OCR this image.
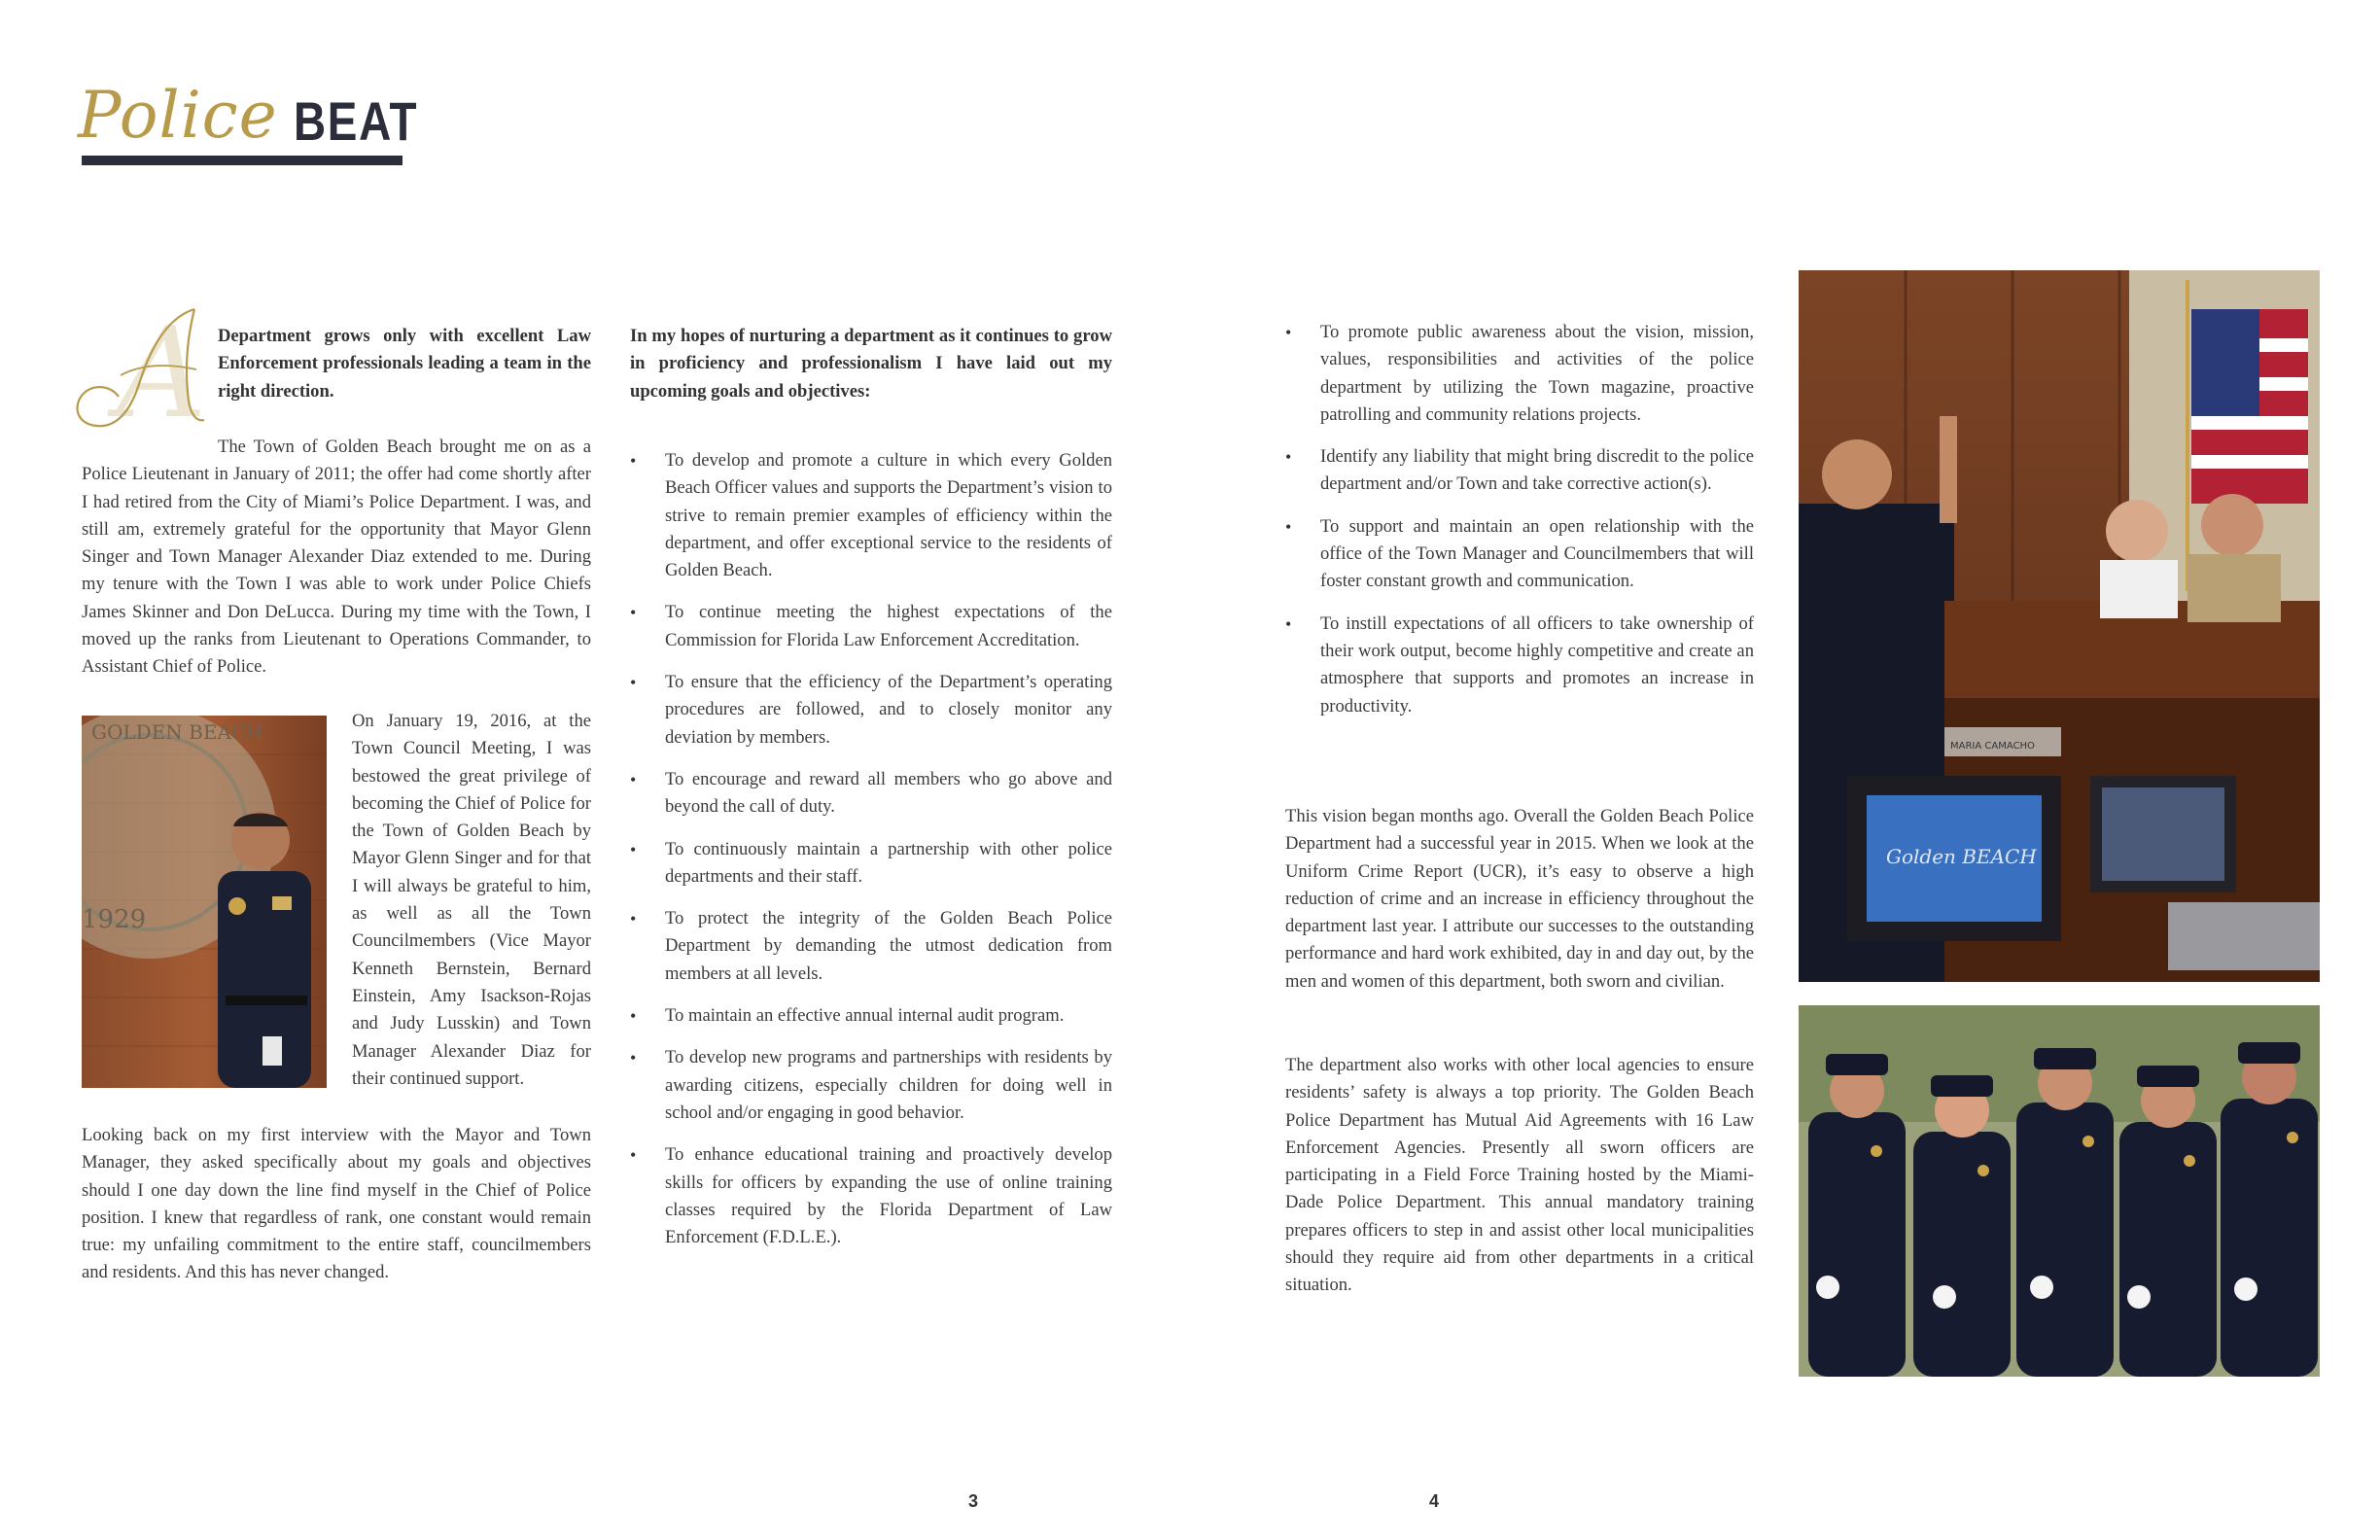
Police BEAT
A Department grows only with excellent Law Enforcement professionals leading a team in the right direction.

The Town of Golden Beach brought me on as a Police Lieutenant in January of 2011; the offer had come shortly after I had retired from the City of Miami’s Police Department. I was, and still am, extremely grateful for the opportunity that Mayor Glenn Singer and Town Manager Alexander Diaz extended to me. During my tenure with the Town I was able to work under Police Chiefs James Skinner and Don DeLucca. During my time with the Town, I moved up the ranks from Lieutenant to Operations Commander, to Assistant Chief of Police.

GOLDEN BEACH
1929

On January 19, 2016, at the Town Council Meeting, I was bestowed the great privilege of becoming the Chief of Police for the Town of Golden Beach by Mayor Glenn Singer and for that I will always be grateful to him, as well as all the Town Councilmembers (Vice Mayor Kenneth Bernstein, Bernard Einstein, Amy Isackson-Rojas and Judy Lusskin) and Town Manager Alexander Diaz for their continued support.

Looking back on my first interview with the Mayor and Town Manager, they asked specifically about my goals and objectives should I one day down the line find myself in the Chief of Police position. I knew that regardless of rank, one constant would remain true: my unfailing commitment to the entire staff, councilmembers and residents. And this has never changed.

In my hopes of nurturing a department as it continues to grow in proficiency and professionalism I have laid out my upcoming goals and objectives:

• To develop and promote a culture in which every Golden Beach Officer values and supports the Department’s vision to strive to remain premier examples of efficiency within the department, and offer exceptional service to the residents of Golden Beach.
• To continue meeting the highest expectations of the Commission for Florida Law Enforcement Accreditation.
• To ensure that the efficiency of the Department’s operating procedures are followed, and to closely monitor any deviation by members.
• To encourage and reward all members who go above and beyond the call of duty.
• To continuously maintain a partnership with other police departments and their staff.
• To protect the integrity of the Golden Beach Police Department by demanding the utmost dedication from members at all levels.
• To maintain an effective annual internal audit program.
• To develop new programs and partnerships with residents by awarding citizens, especially children for doing well in school and/or engaging in good behavior.
• To enhance educational training and proactively develop skills for officers by expanding the use of online training classes required by the Florida Department of Law Enforcement (F.D.L.E.).
• To promote public awareness about the vision, mission, values, responsibilities and activities of the police department by utilizing the Town magazine, proactive patrolling and community relations projects.
• Identify any liability that might bring discredit to the police department and/or Town and take corrective action(s).
• To support and maintain an open relationship with the office of the Town Manager and Councilmembers that will foster constant growth and communication.
• To instill expectations of all officers to take ownership of their work output, become highly competitive and create an atmosphere that supports and promotes an increase in productivity.

This vision began months ago. Overall the Golden Beach Police Department had a successful year in 2015. When we look at the Uniform Crime Report (UCR), it’s easy to observe a high reduction of crime and an increase in efficiency throughout the department last year. I attribute our successes to the outstanding performance and hard work exhibited, day in and day out, by the men and women of this department, both sworn and civilian.

The department also works with other local agencies to ensure residents’ safety is always a top priority. The Golden Beach Police Department has Mutual Aid Agreements with 16 Law Enforcement Agencies. Presently all sworn officers are participating in a Field Force Training hosted by the Miami-Dade Police Department. This annual mandatory training prepares officers to step in and assist other local municipalities should they require aid from other departments in a critical situation.

Golden BEACH
MARIA CAMACHO
3	4
